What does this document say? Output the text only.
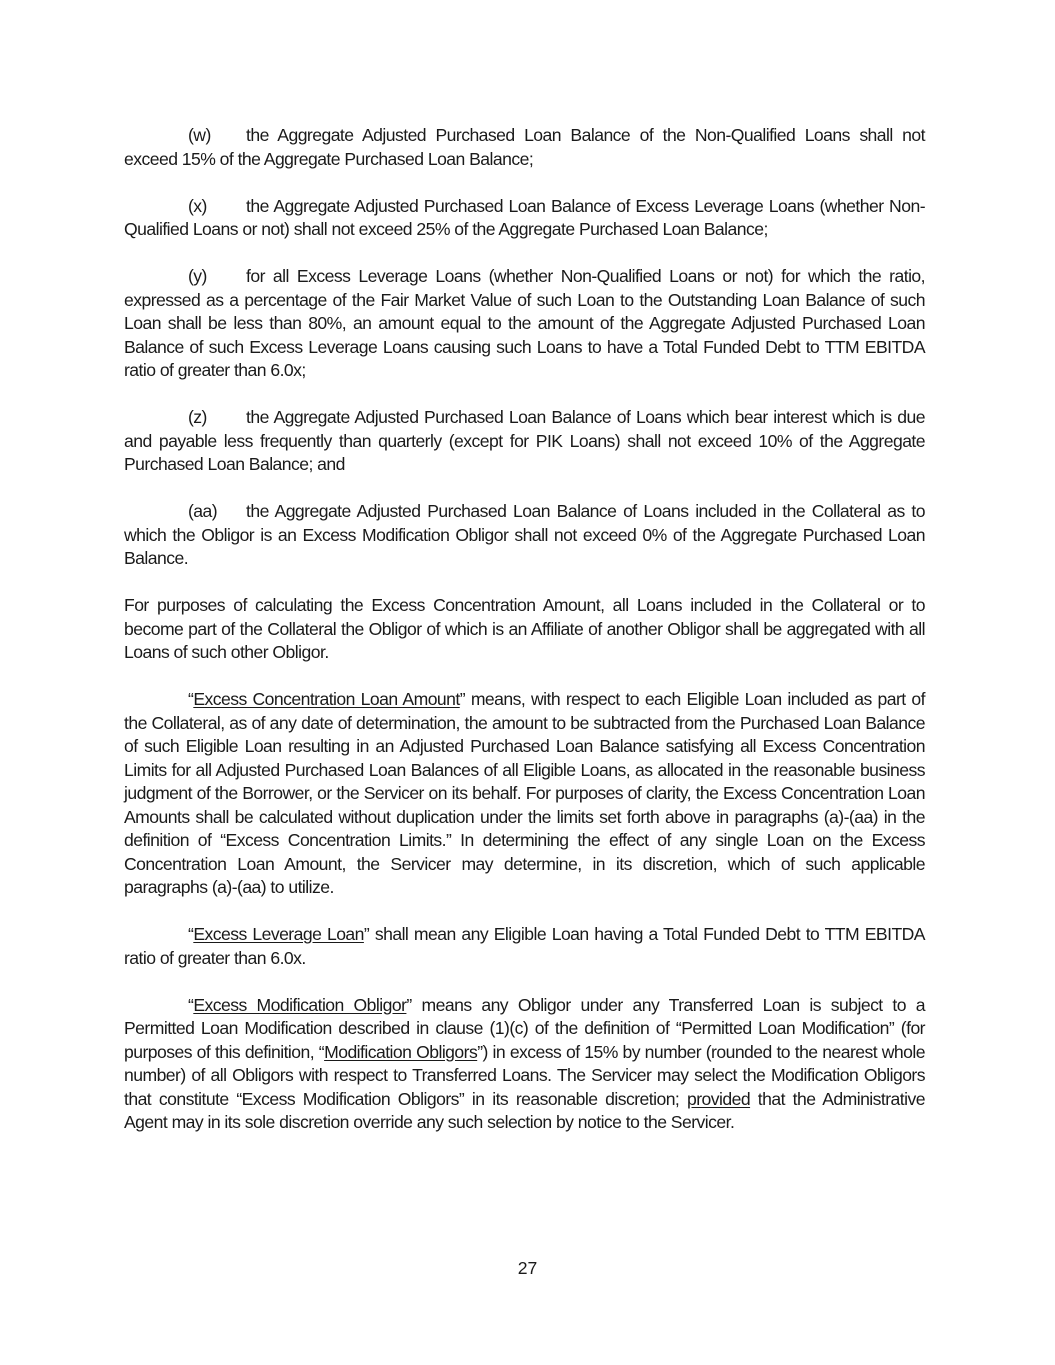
(w) the Aggregate Adjusted Purchased Loan Balance of the Non-Qualified Loans shall not exceed 15% of the Aggregate Purchased Loan Balance;

(x) the Aggregate Adjusted Purchased Loan Balance of Excess Leverage Loans (whether Non-Qualified Loans or not) shall not exceed 25% of the Aggregate Purchased Loan Balance;

(y) for all Excess Leverage Loans (whether Non-Qualified Loans or not) for which the ratio, expressed as a percentage of the Fair Market Value of such Loan to the Outstanding Loan Balance of such Loan shall be less than 80%, an amount equal to the amount of the Aggregate Adjusted Purchased Loan Balance of such Excess Leverage Loans causing such Loans to have a Total Funded Debt to TTM EBITDA ratio of greater than 6.0x;

(z) the Aggregate Adjusted Purchased Loan Balance of Loans which bear interest which is due and payable less frequently than quarterly (except for PIK Loans) shall not exceed 10% of the Aggregate Purchased Loan Balance; and

(aa) the Aggregate Adjusted Purchased Loan Balance of Loans included in the Collateral as to which the Obligor is an Excess Modification Obligor shall not exceed 0% of the Aggregate Purchased Loan Balance.

For purposes of calculating the Excess Concentration Amount, all Loans included in the Collateral or to become part of the Collateral the Obligor of which is an Affiliate of another Obligor shall be aggregated with all Loans of such other Obligor.

“Excess Concentration Loan Amount” means, with respect to each Eligible Loan included as part of the Collateral, as of any date of determination, the amount to be subtracted from the Purchased Loan Balance of such Eligible Loan resulting in an Adjusted Purchased Loan Balance satisfying all Excess Concentration Limits for all Adjusted Purchased Loan Balances of all Eligible Loans, as allocated in the reasonable business judgment of the Borrower, or the Servicer on its behalf. For purposes of clarity, the Excess Concentration Loan Amounts shall be calculated without duplication under the limits set forth above in paragraphs (a)-(aa) in the definition of “Excess Concentration Limits.” In determining the effect of any single Loan on the Excess Concentration Loan Amount, the Servicer may determine, in its discretion, which of such applicable paragraphs (a)-(aa) to utilize.

“Excess Leverage Loan” shall mean any Eligible Loan having a Total Funded Debt to TTM EBITDA ratio of greater than 6.0x.

“Excess Modification Obligor” means any Obligor under any Transferred Loan is subject to a Permitted Loan Modification described in clause (1)(c) of the definition of “Permitted Loan Modification” (for purposes of this definition, “Modification Obligors”) in excess of 15% by number (rounded to the nearest whole number) of all Obligors with respect to Transferred Loans. The Servicer may select the Modification Obligors that constitute “Excess Modification Obligors” in its reasonable discretion; provided that the Administrative Agent may in its sole discretion override any such selection by notice to the Servicer.

27
